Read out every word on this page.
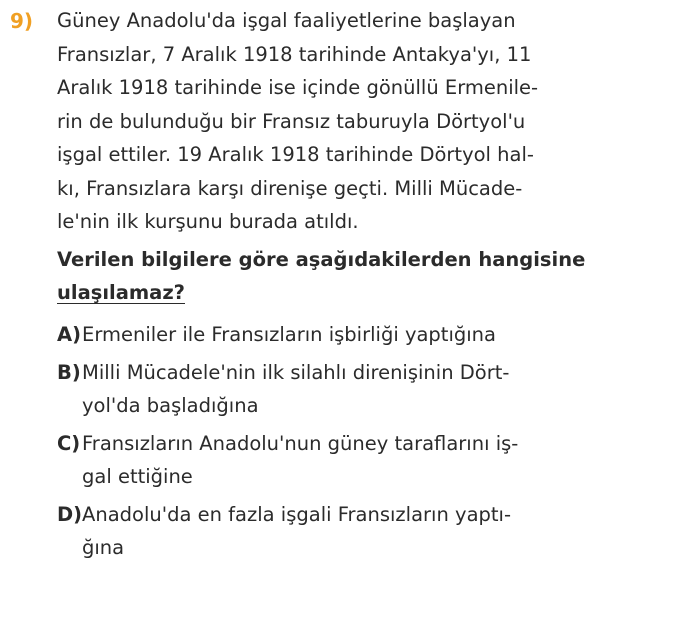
9) Güney Anadolu'da işgal faaliyetlerine başlayan
Fransızlar, 7 Aralık 1918 tarihinde Antakya'yı, 11
Aralık 1918 tarihinde ise içinde gönüllü Ermenile-
rin de bulunduğu bir Fransız taburuyla Dörtyol'u
işgal ettiler. 19 Aralık 1918 tarihinde Dörtyol hal-
kı, Fransızlara karşı direnişe geçti. Milli Mücade-
le'nin ilk kurşunu burada atıldı.
Verilen bilgilere göre aşağıdakilerden hangisine
ulaşılamaz?
A) Ermeniler ile Fransızların işbirliği yaptığına
B) Milli Mücadele'nin ilk silahlı direnişinin Dört-
yol'da başladığına
C) Fransızların Anadolu'nun güney taraflarını iş-
gal ettiğine
D) Anadolu'da en fazla işgali Fransızların yaptı-
ğına
